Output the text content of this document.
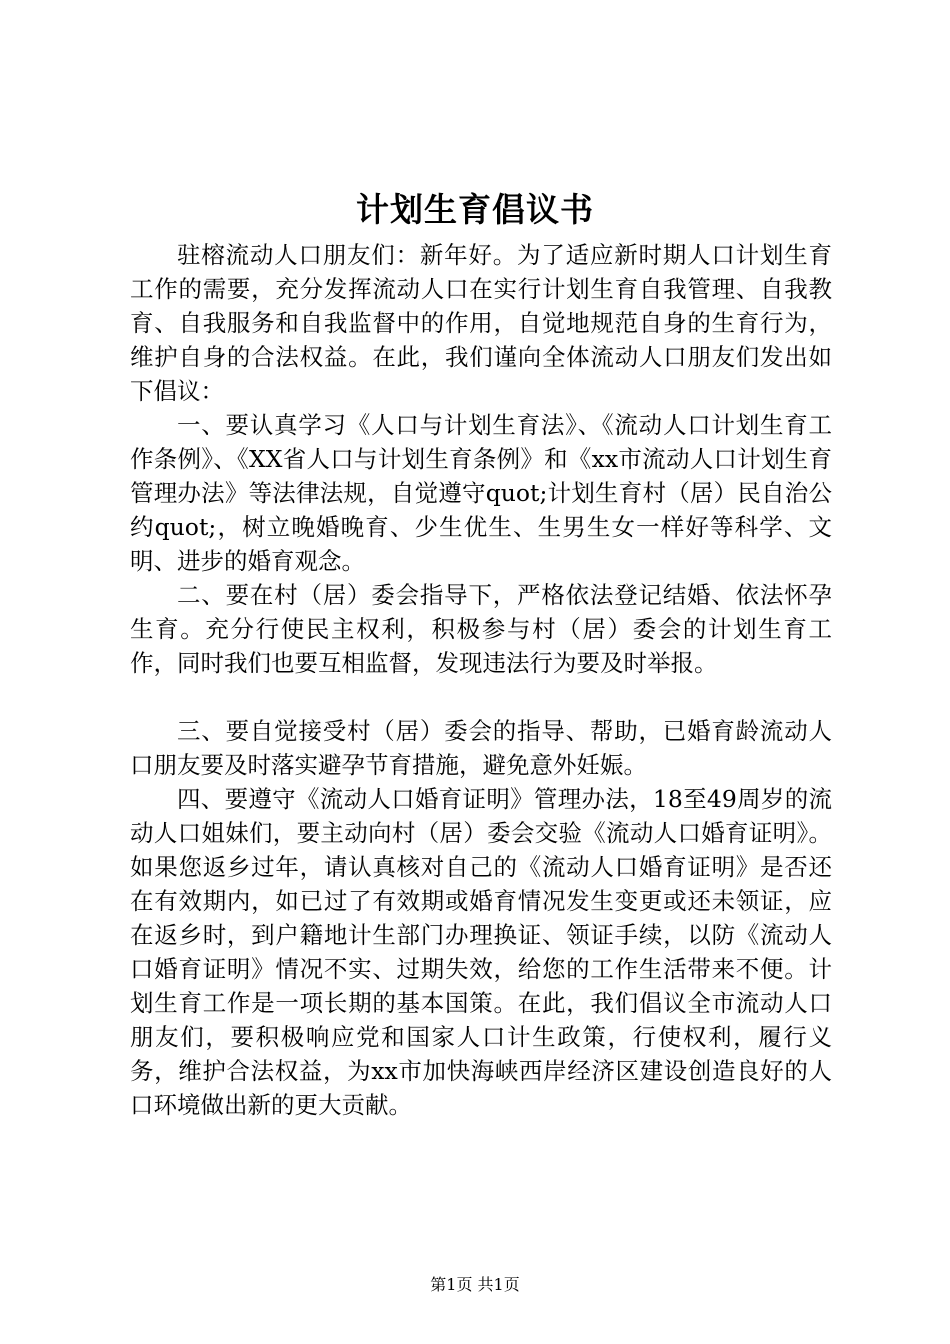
计划生育倡议书

驻榕流动人口朋友们：新年好。为了适应新时期人口计划生育工作的需要，充分发挥流动人口在实行计划生育自我管理、自我教育、自我服务和自我监督中的作用，自觉地规范自身的生育行为，维护自身的合法权益。在此，我们谨向全体流动人口朋友们发出如下倡议：

一、要认真学习《人口与计划生育法》、《流动人口计划生育工作条例》、《XX省人口与计划生育条例》和《xx市流动人口计划生育管理办法》等法律法规，自觉遵守quot;计划生育村（居）民自治公约quot;，树立晚婚晚育、少生优生、生男生女一样好等科学、文明、进步的婚育观念。

二、要在村（居）委会指导下，严格依法登记结婚、依法怀孕生育。充分行使民主权利，积极参与村（居）委会的计划生育工作，同时我们也要互相监督，发现违法行为要及时举报。

三、要自觉接受村（居）委会的指导、帮助，已婚育龄流动人口朋友要及时落实避孕节育措施，避免意外妊娠。

四、要遵守《流动人口婚育证明》管理办法，18至49周岁的流动人口姐妹们，要主动向村（居）委会交验《流动人口婚育证明》。如果您返乡过年，请认真核对自己的《流动人口婚育证明》是否还在有效期内，如已过了有效期或婚育情况发生变更或还未领证，应在返乡时，到户籍地计生部门办理换证、领证手续，以防《流动人口婚育证明》情况不实、过期失效，给您的工作生活带来不便。计划生育工作是一项长期的基本国策。在此，我们倡议全市流动人口朋友们，要积极响应党和国家人口计生政策，行使权利，履行义务，维护合法权益，为xx市加快海峡西岸经济区建设创造良好的人口环境做出新的更大贡献。

第1页 共1页
